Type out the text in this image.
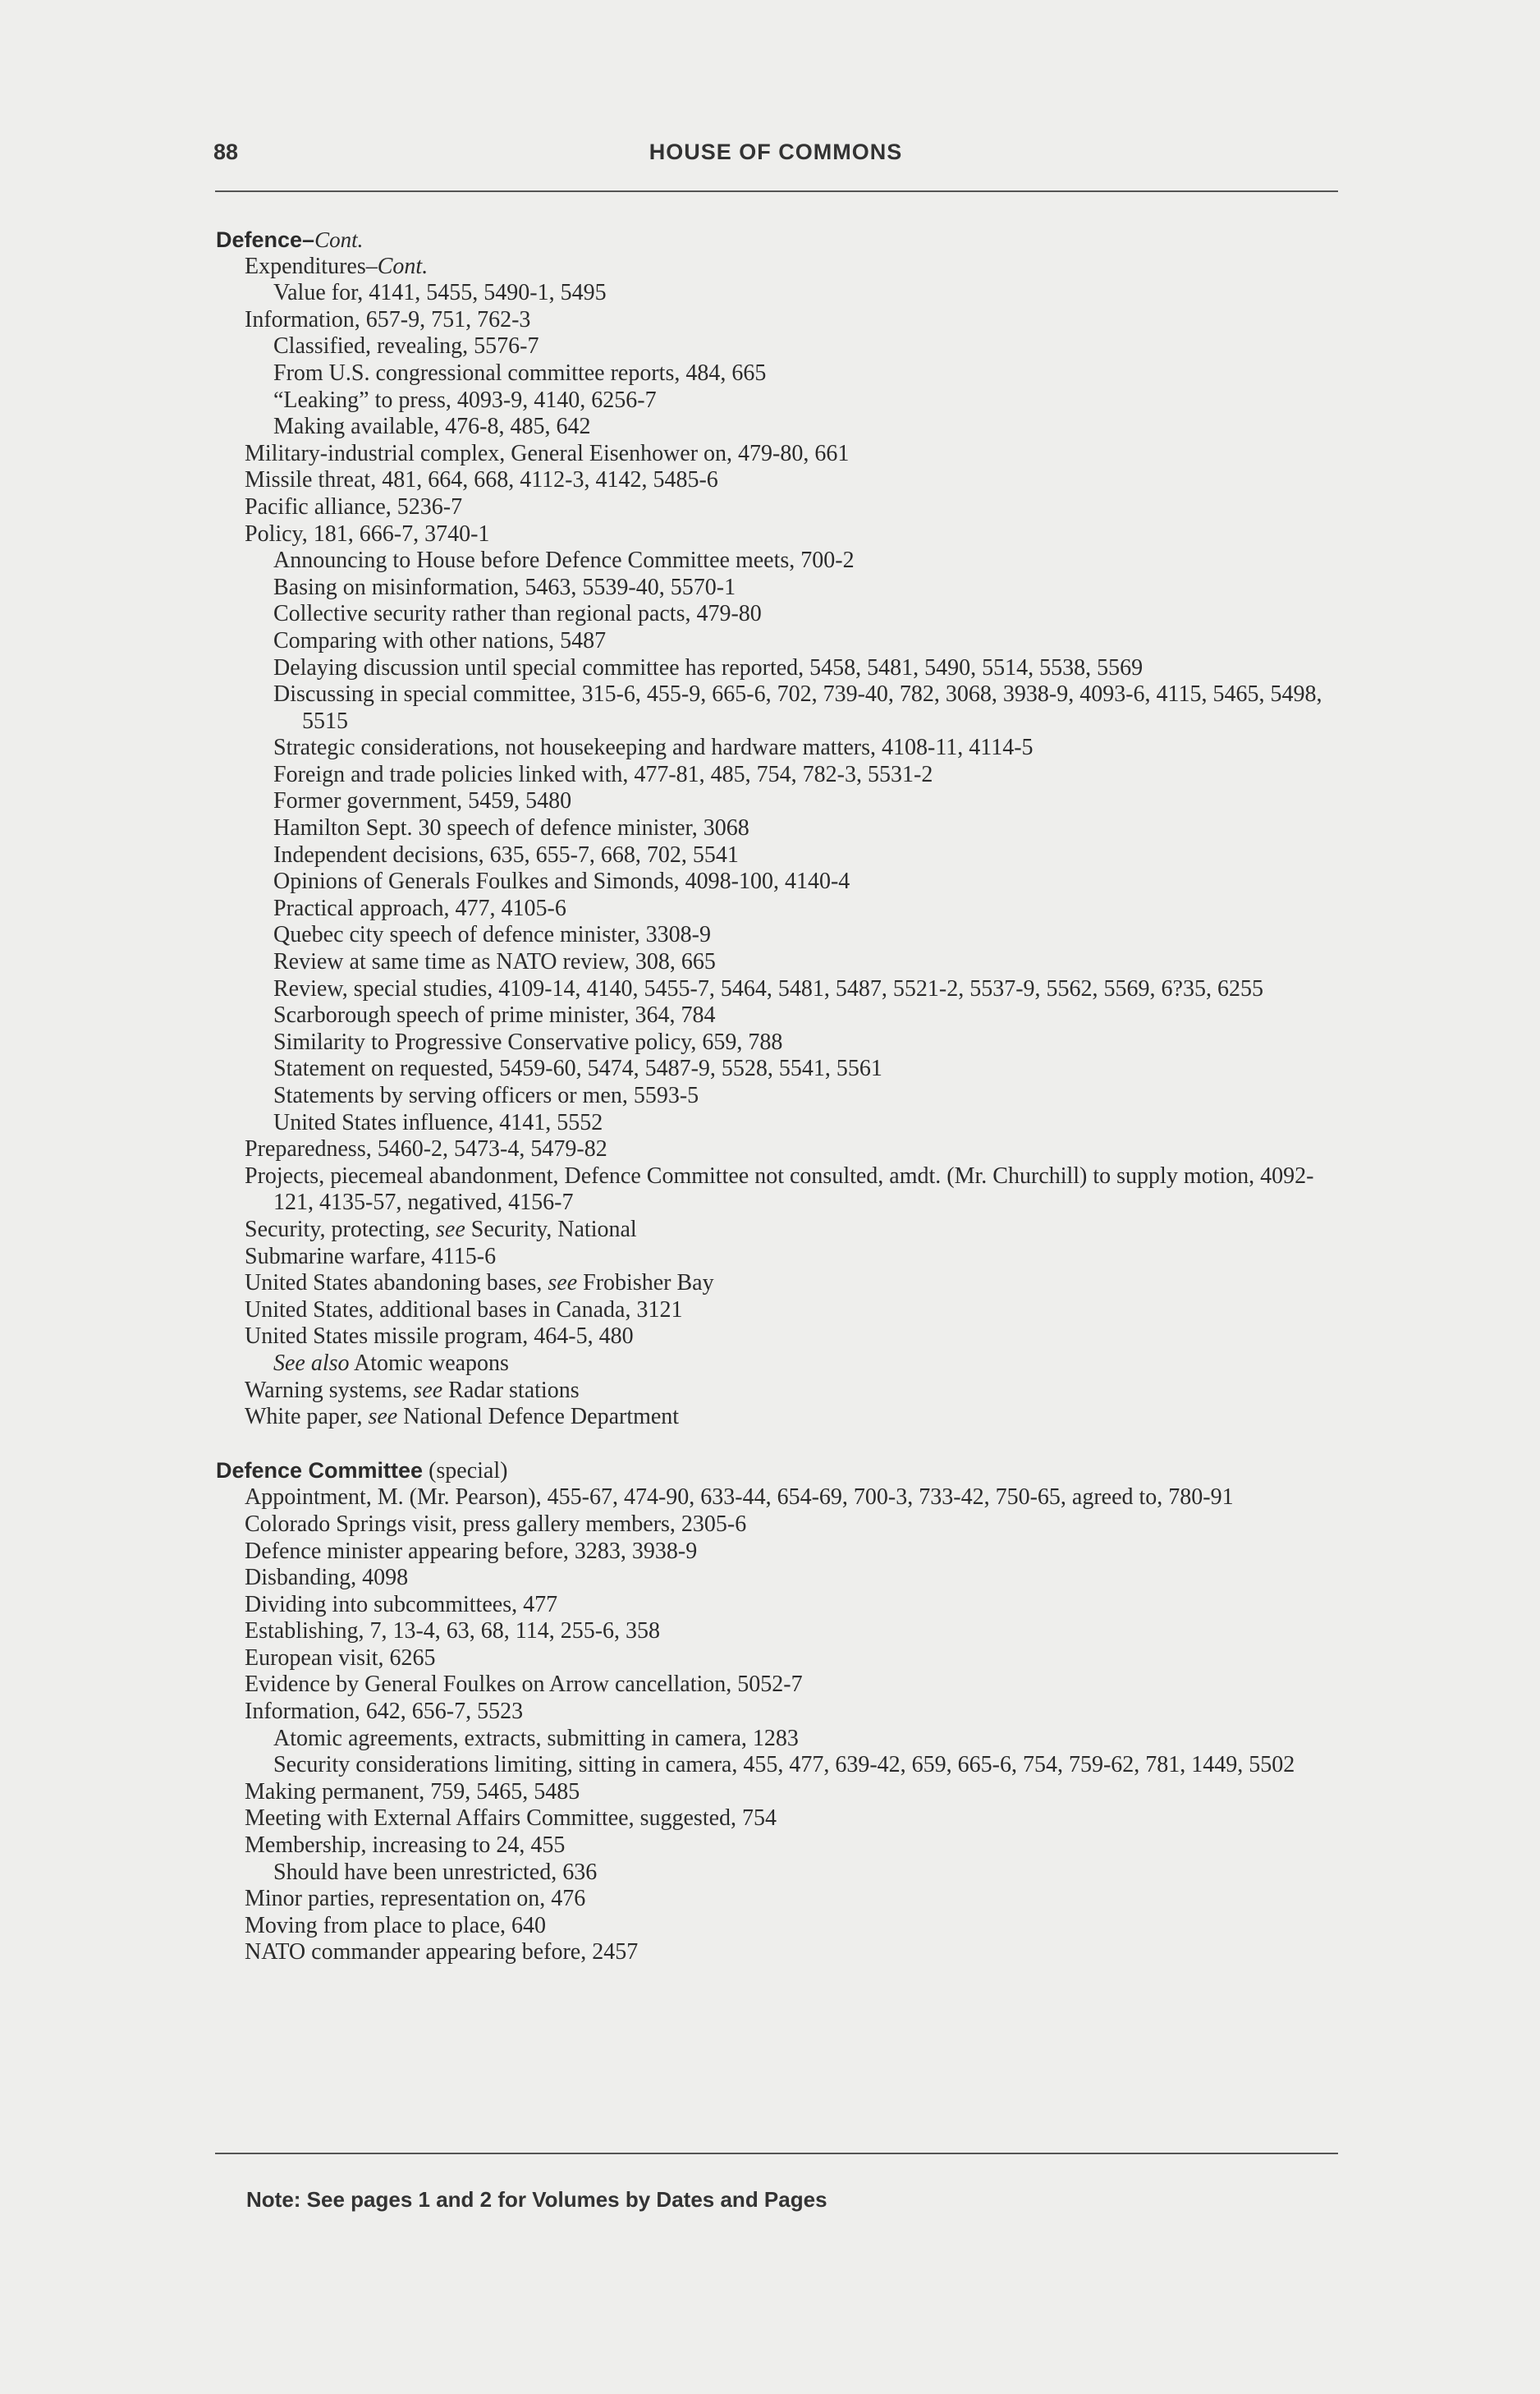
88	HOUSE OF COMMONS
Defence–Cont.
Expenditures–Cont.
Value for, 4141, 5455, 5490-1, 5495
Information, 657-9, 751, 762-3
Classified, revealing, 5576-7
From U.S. congressional committee reports, 484, 665
“Leaking” to press, 4093-9, 4140, 6256-7
Making available, 476-8, 485, 642
Military-industrial complex, General Eisenhower on, 479-80, 661
Missile threat, 481, 664, 668, 4112-3, 4142, 5485-6
Pacific alliance, 5236-7
Policy, 181, 666-7, 3740-1
Announcing to House before Defence Committee meets, 700-2
Basing on misinformation, 5463, 5539-40, 5570-1
Collective security rather than regional pacts, 479-80
Comparing with other nations, 5487
Delaying discussion until special committee has reported, 5458, 5481, 5490, 5514, 5538, 5569
Discussing in special committee, 315-6, 455-9, 665-6, 702, 739-40, 782, 3068, 3938-9, 4093-6, 4115, 5465, 5498, 5515
Strategic considerations, not housekeeping and hardware matters, 4108-11, 4114-5
Foreign and trade policies linked with, 477-81, 485, 754, 782-3, 5531-2
Former government, 5459, 5480
Hamilton Sept. 30 speech of defence minister, 3068
Independent decisions, 635, 655-7, 668, 702, 5541
Opinions of Generals Foulkes and Simonds, 4098-100, 4140-4
Practical approach, 477, 4105-6
Quebec city speech of defence minister, 3308-9
Review at same time as NATO review, 308, 665
Review, special studies, 4109-14, 4140, 5455-7, 5464, 5481, 5487, 5521-2, 5537-9, 5562, 5569, 6?35, 6255
Scarborough speech of prime minister, 364, 784
Similarity to Progressive Conservative policy, 659, 788
Statement on requested, 5459-60, 5474, 5487-9, 5528, 5541, 5561
Statements by serving officers or men, 5593-5
United States influence, 4141, 5552
Preparedness, 5460-2, 5473-4, 5479-82
Projects, piecemeal abandonment, Defence Committee not consulted, amdt. (Mr. Churchill) to supply motion, 4092-121, 4135-57, negatived, 4156-7
Security, protecting, see Security, National
Submarine warfare, 4115-6
United States abandoning bases, see Frobisher Bay
United States, additional bases in Canada, 3121
United States missile program, 464-5, 480
See also Atomic weapons
Warning systems, see Radar stations
White paper, see National Defence Department
Defence Committee (special)
Appointment, M. (Mr. Pearson), 455-67, 474-90, 633-44, 654-69, 700-3, 733-42, 750-65, agreed to, 780-91
Colorado Springs visit, press gallery members, 2305-6
Defence minister appearing before, 3283, 3938-9
Disbanding, 4098
Dividing into subcommittees, 477
Establishing, 7, 13-4, 63, 68, 114, 255-6, 358
European visit, 6265
Evidence by General Foulkes on Arrow cancellation, 5052-7
Information, 642, 656-7, 5523
Atomic agreements, extracts, submitting in camera, 1283
Security considerations limiting, sitting in camera, 455, 477, 639-42, 659, 665-6, 754, 759-62, 781, 1449, 5502
Making permanent, 759, 5465, 5485
Meeting with External Affairs Committee, suggested, 754
Membership, increasing to 24, 455
Should have been unrestricted, 636
Minor parties, representation on, 476
Moving from place to place, 640
NATO commander appearing before, 2457
Note: See pages 1 and 2 for Volumes by Dates and Pages
